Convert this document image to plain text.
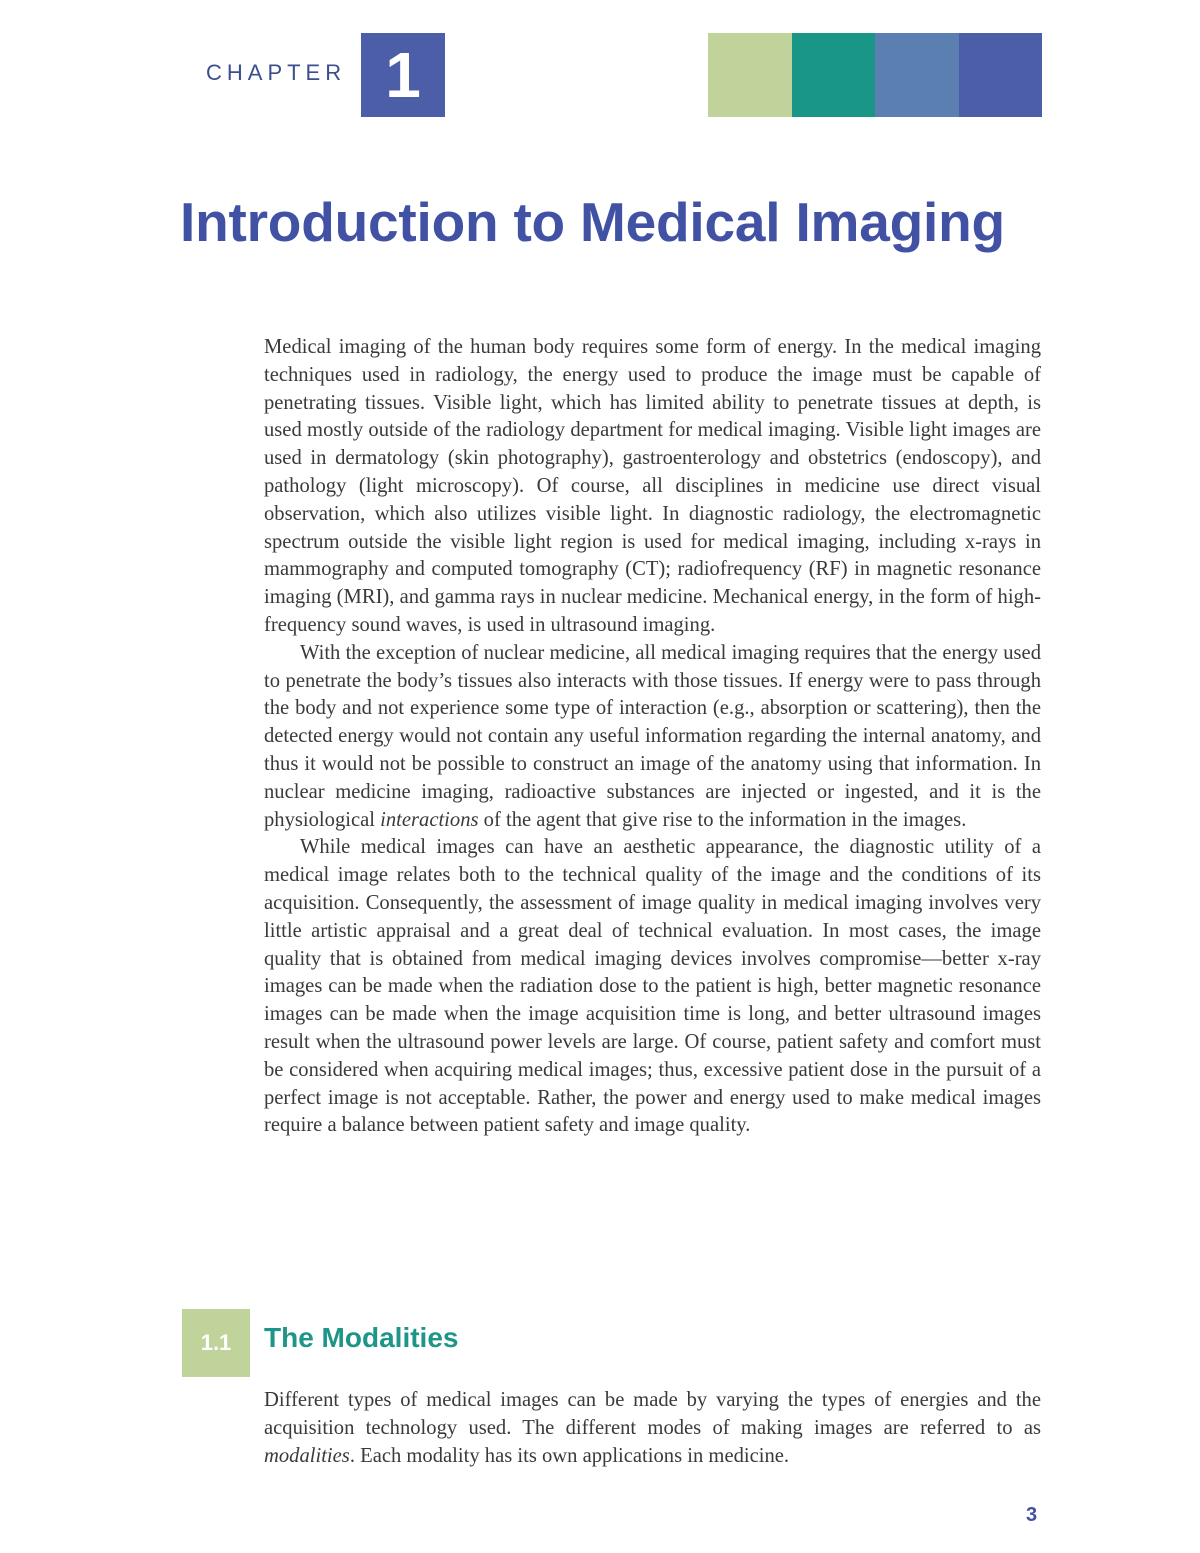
CHAPTER 1
Introduction to Medical Imaging

Medical imaging of the human body requires some form of energy. In the medical imaging techniques used in radiology, the energy used to produce the image must be capable of penetrating tissues. Visible light, which has limited ability to penetrate tissues at depth, is used mostly outside of the radiology department for medical imaging. Visible light images are used in dermatology (skin photography), gastroenterology and obstetrics (endoscopy), and pathology (light microscopy). Of course, all disciplines in medicine use direct visual observation, which also utilizes visible light. In diagnostic radiology, the electromagnetic spectrum outside the visible light region is used for medical imaging, including x-rays in mammography and computed tomography (CT); radiofrequency (RF) in magnetic resonance imaging (MRI), and gamma rays in nuclear medicine. Mechanical energy, in the form of high-frequency sound waves, is used in ultrasound imaging.

With the exception of nuclear medicine, all medical imaging requires that the energy used to penetrate the body’s tissues also interacts with those tissues. If energy were to pass through the body and not experience some type of interaction (e.g., absorption or scattering), then the detected energy would not contain any useful information regarding the internal anatomy, and thus it would not be possible to construct an image of the anatomy using that information. In nuclear medicine imaging, radioactive substances are injected or ingested, and it is the physiological interactions of the agent that give rise to the information in the images.

While medical images can have an aesthetic appearance, the diagnostic utility of a medical image relates both to the technical quality of the image and the conditions of its acquisition. Consequently, the assessment of image quality in medical imaging involves very little artistic appraisal and a great deal of technical evaluation. In most cases, the image quality that is obtained from medical imaging devices involves compromise—better x-ray images can be made when the radiation dose to the patient is high, better magnetic resonance images can be made when the image acquisition time is long, and better ultrasound images result when the ultrasound power levels are large. Of course, patient safety and comfort must be considered when acquiring medical images; thus, excessive patient dose in the pursuit of a perfect image is not acceptable. Rather, the power and energy used to make medical images require a balance between patient safety and image quality.

1.1	The Modalities

Different types of medical images can be made by varying the types of energies and the acquisition technology used. The different modes of making images are referred to as modalities. Each modality has its own applications in medicine.

3
